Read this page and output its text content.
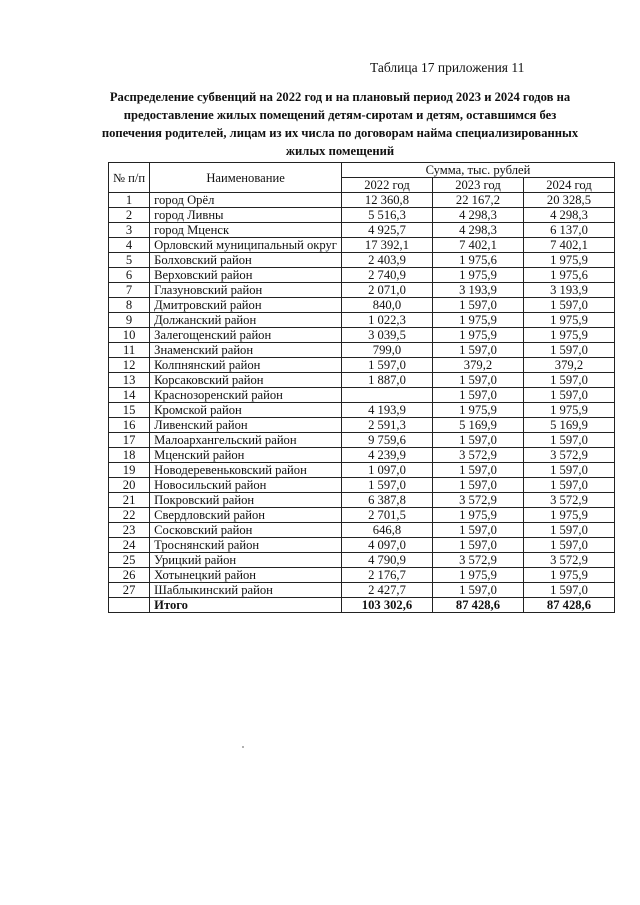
Таблица 17 приложения 11
Распределение субвенций на 2022 год и на плановый период 2023 и 2024 годов на предоставление жилых помещений детям-сиротам и детям, оставшимся без попечения родителей, лицам из их числа по договорам найма специализированных жилых помещений
№ п/п	Наименование	Сумма, тыс. рублей		
		2022 год	2023 год	2024 год
1	город Орёл	12 360,8	22 167,2	20 328,5
2	город Ливны	5 516,3	4 298,3	4 298,3
3	город Мценск	4 925,7	4 298,3	6 137,0
4	Орловский муниципальный округ	17 392,1	7 402,1	7 402,1
5	Болховский район	2 403,9	1 975,6	1 975,9
6	Верховский район	2 740,9	1 975,9	1 975,6
7	Глазуновский район	2 071,0	3 193,9	3 193,9
8	Дмитровский район	840,0	1 597,0	1 597,0
9	Должанский район	1 022,3	1 975,9	1 975,9
10	Залегощенский район	3 039,5	1 975,9	1 975,9
11	Знаменский район	799,0	1 597,0	1 597,0
12	Колпнянский район	1 597,0	379,2	379,2
13	Корсаковский район	1 887,0	1 597,0	1 597,0
14	Краснозоренский район		1 597,0	1 597,0
15	Кромской район	4 193,9	1 975,9	1 975,9
16	Ливенский район	2 591,3	5 169,9	5 169,9
17	Малоархангельский район	9 759,6	1 597,0	1 597,0
18	Мценский район	4 239,9	3 572,9	3 572,9
19	Новодеревеньковский район	1 097,0	1 597,0	1 597,0
20	Новосильский район	1 597,0	1 597,0	1 597,0
21	Покровский район	6 387,8	3 572,9	3 572,9
22	Свердловский район	2 701,5	1 975,9	1 975,9
23	Сосковский район	646,8	1 597,0	1 597,0
24	Троснянский район	4 097,0	1 597,0	1 597,0
25	Урицкий район	4 790,9	3 572,9	3 572,9
26	Хотынецкий район	2 176,7	1 975,9	1 975,9
27	Шаблыкинский район	2 427,7	1 597,0	1 597,0
	Итого	103 302,6	87 428,6	87 428,6
